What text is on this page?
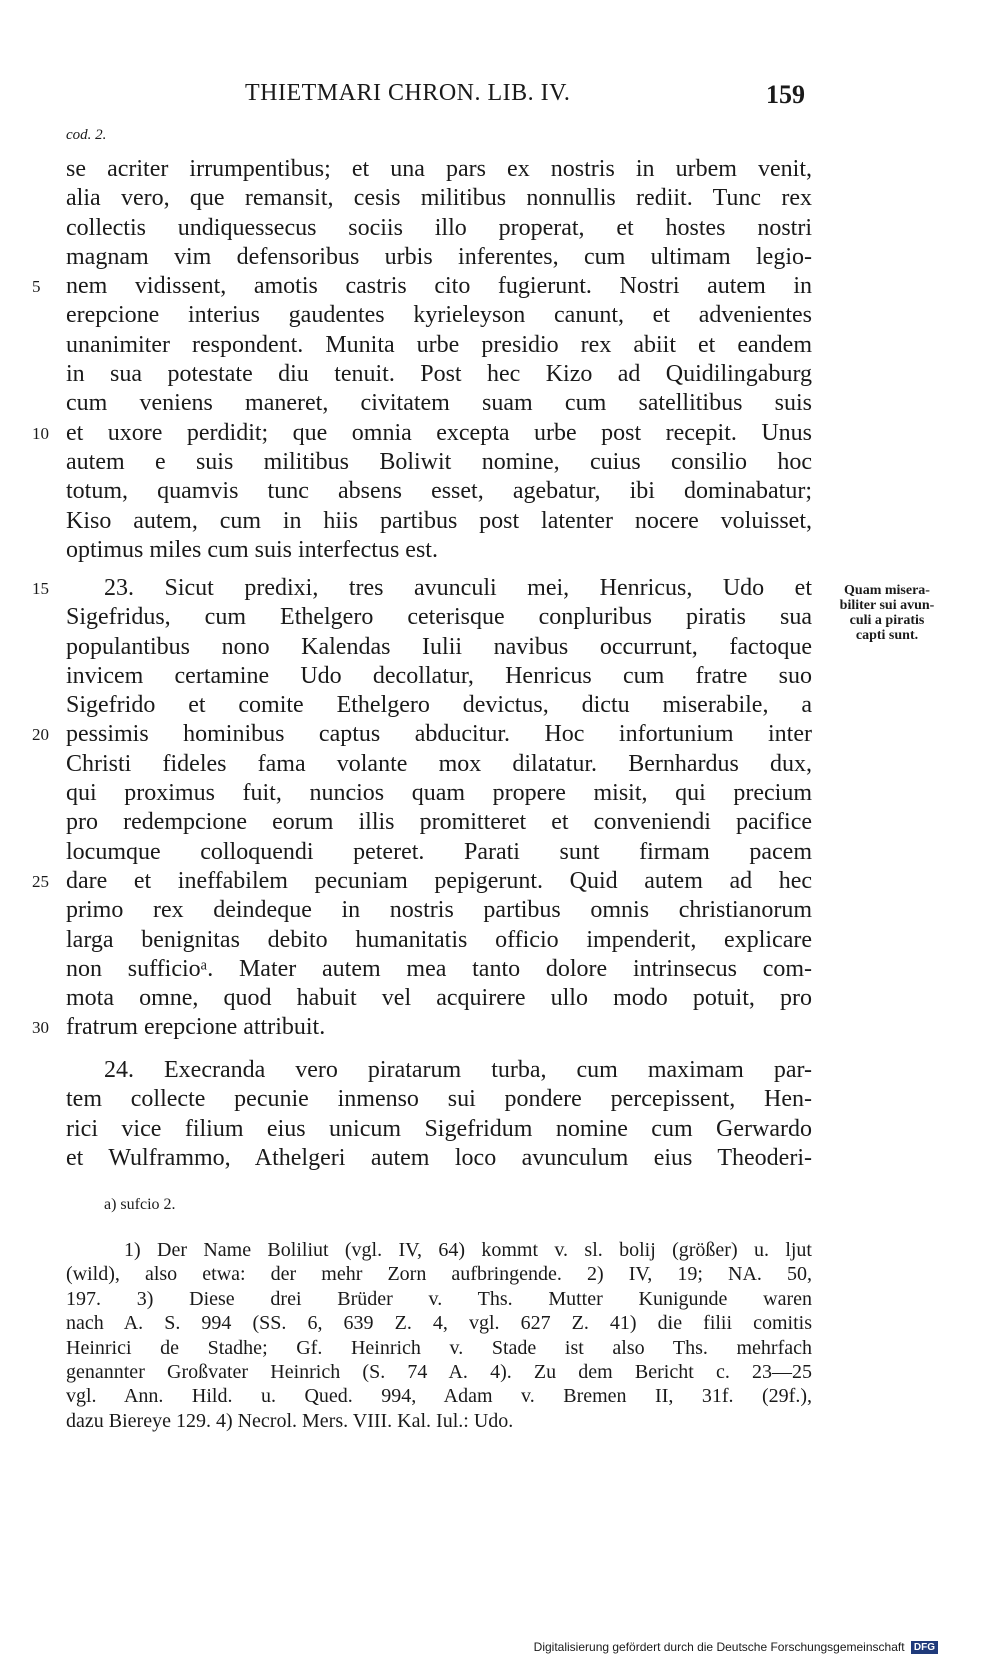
THIETMARI CHRON. LIB. IV.	159
cod. 2.
se acriter irrumpentibus; et una pars ex nostris in urbem venit,
alia vero, que remansit, cesis militibus nonnullis rediit. Tunc rex
collectis undiquessecus sociis illo properat, et hostes nostri
magnam vim defensoribus urbis inferentes, cum ultimam legio-
5	nem vidissent, amotis castris cito fugierunt. Nostri autem in
erepcione interius gaudentes kyrieleyson canunt, et advenientes
unanimiter respondent. Munita urbe presidio rex abiit et eandem
in sua potestate diu tenuit. Post hec Kizo ad Quidilingaburg
cum veniens maneret, civitatem suam cum satellitibus suis
10 et uxore perdidit; que omnia excepta urbe post recepit. Unus
autem e suis militibus Boliwit nomine, cuius consilio hoc
totum, quamvis tunc absens esset, agebatur, ibi dominabatur;
Kiso autem, cum in hiis partibus post latenter nocere voluisset,
optimus miles cum suis interfectus est.
Quam misera-
biliter sui avun-
culi a piratis
capti sunt.
15	23. Sicut predixi, tres avunculi mei, Henricus, Udo et
Sigefridus, cum Ethelgero ceterisque conpluribus piratis sua
populantibus nono Kalendas Iulii navibus occurrunt, factoque
invicem certamine Udo decollatur, Henricus cum fratre suo
Sigefrido et comite Ethelgero devictus, dictu miserabile, a
20 pessimis hominibus captus abducitur. Hoc infortunium inter
Christi fideles fama volante mox dilatatur. Bernhardus dux,
qui proximus fuit, nuncios quam propere misit, qui precium
pro redempcione eorum illis promitteret et conveniendi pacifice
locumque colloquendi peteret. Parati sunt firmam pacem
25 dare et ineffabilem pecuniam pepigerunt. Quid autem ad hec
primo rex deindeque in nostris partibus omnis christianorum
larga benignitas debito humanitatis officio impenderit, explicare
non sufficioᵃ. Mater autem mea tanto dolore intrinsecus com-
mota omne, quod habuit vel acquirere ullo modo potuit, pro
30 fratrum erepcione attribuit.
24. Execranda vero piratarum turba, cum maximam par-
tem collecte pecunie inmenso sui pondere percepissent, Hen-
rici vice filium eius unicum Sigefridum nomine cum Gerwardo
et Wulframmo, Athelgeri autem loco avunculum eius Theoderi-
a) sufcio 2.
1) Der Name Boliliut (vgl. IV, 64) kommt v. sl. bolij (größer) u. ljut
(wild), also etwa: der mehr Zorn aufbringende. 2) IV, 19; NA. 50,
197. 3) Diese drei Brüder v. Ths. Mutter Kunigunde waren
nach A. S. 994 (SS. 6, 639 Z. 4, vgl. 627 Z. 41) die filii comitis
Heinrici de Stadhe; Gf. Heinrich v. Stade ist also Ths. mehrfach
genannter Großvater Heinrich (S. 74 A. 4). Zu dem Bericht c. 23—25
vgl. Ann. Hild. u. Qued. 994, Adam v. Bremen II, 31f. (29f.),
dazu Biereye 129. 4) Necrol. Mers. VIII. Kal. Iul.: Udo.
Digitalisierung gefördert durch die Deutsche Forschungsgemeinschaft DFG
